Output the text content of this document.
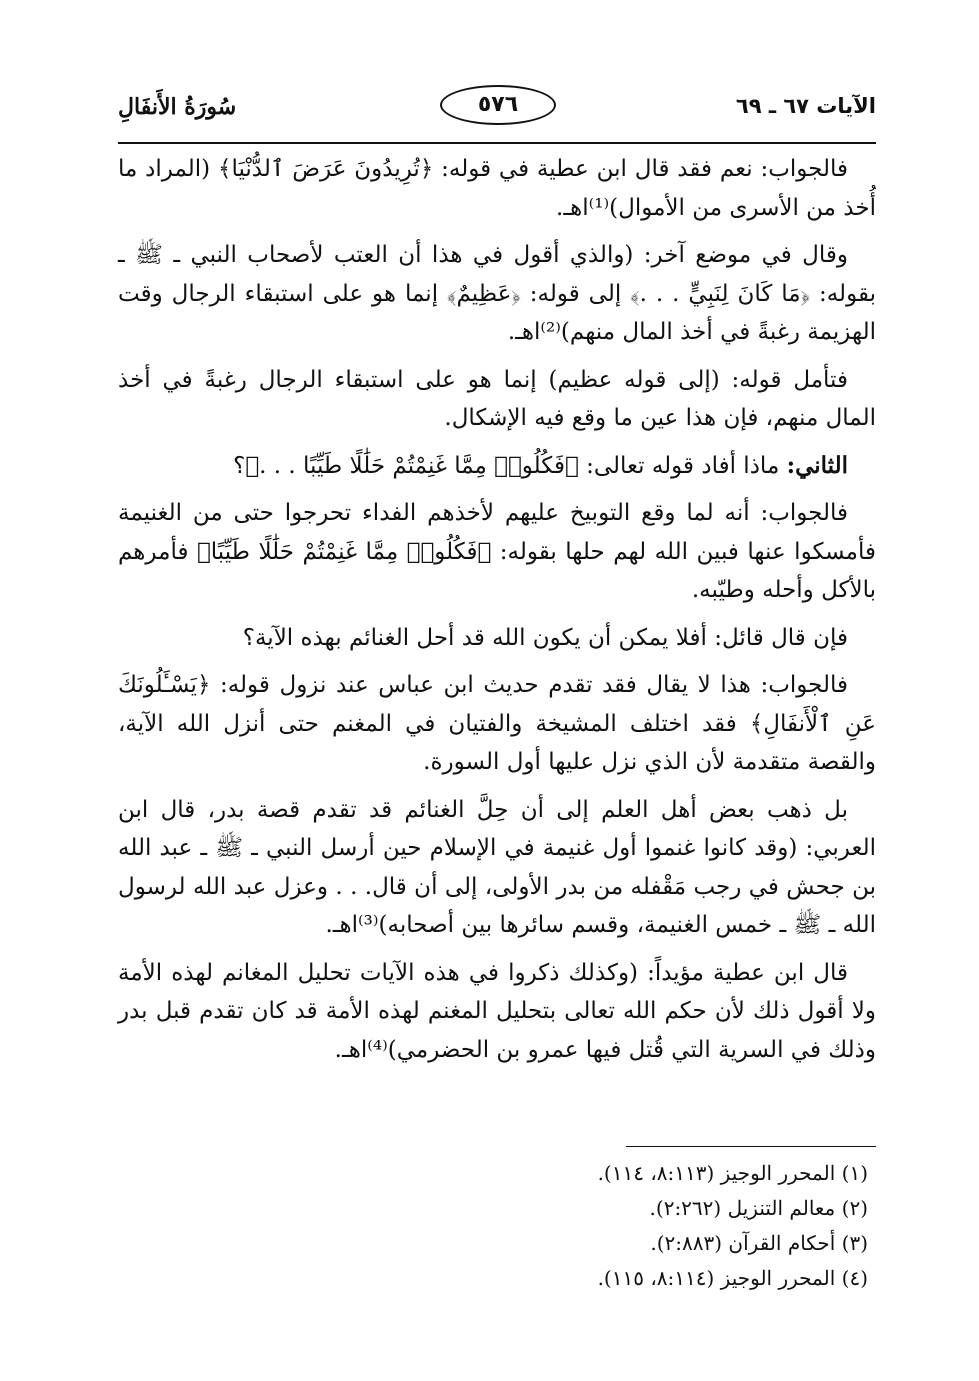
سُورَةُ الأَنفَالِ	٥٧٦	الآيات ٦٧ ـ ٦٩

فالجواب: نعم فقد قال ابن عطية في قوله: ﴿تُرِيدُونَ عَرَضَ ٱلدُّنْيَا﴾ (المراد ما أُخذ من الأسرى من الأموال)⁽¹⁾اهـ.

وقال في موضع آخر: (والذي أقول في هذا أن العتب لأصحاب النبي ـ ﷺ ـ بقوله: ﴿مَا كَانَ لِنَبِيٍّ . . .﴾ إلى قوله: ﴿عَظِيمٌ﴾ إنما هو على استبقاء الرجال وقت الهزيمة رغبةً في أخذ المال منهم)⁽²⁾اهـ.

فتأمل قوله: (إلى قوله عظيم) إنما هو على استبقاء الرجال رغبةً في أخذ المال منهم، فإن هذا عين ما وقع فيه الإشكال.

الثاني: ماذا أفاد قوله تعالى: ﴿فَكُلُوا۟ مِمَّا غَنِمْتُمْ حَلَٰلًا طَيِّبًا . . .﴾؟

فالجواب: أنه لما وقع التوبيخ عليهم لأخذهم الفداء تحرجوا حتى من الغنيمة فأمسكوا عنها فبين الله لهم حلها بقوله: ﴿فَكُلُوا۟ مِمَّا غَنِمْتُمْ حَلَٰلًا طَيِّبًا﴾ فأمرهم بالأكل وأحله وطيّبه.

فإن قال قائل: أفلا يمكن أن يكون الله قد أحل الغنائم بهذه الآية؟

فالجواب: هذا لا يقال فقد تقدم حديث ابن عباس عند نزول قوله: ﴿يَسْـَٔلُونَكَ عَنِ ٱلْأَنفَالِ﴾ فقد اختلف المشيخة والفتيان في المغنم حتى أنزل الله الآية، والقصة متقدمة لأن الذي نزل عليها أول السورة.

بل ذهب بعض أهل العلم إلى أن حِلَّ الغنائم قد تقدم قصة بدر، قال ابن العربي: (وقد كانوا غنموا أول غنيمة في الإسلام حين أرسل النبي ـ ﷺ ـ عبد الله بن جحش في رجب مَقْفله من بدر الأولى، إلى أن قال. . . وعزل عبد الله لرسول الله ـ ﷺ ـ خمس الغنيمة، وقسم سائرها بين أصحابه)⁽³⁾اهـ.

قال ابن عطية مؤيداً: (وكذلك ذكروا في هذه الآيات تحليل المغانم لهذه الأمة ولا أقول ذلك لأن حكم الله تعالى بتحليل المغنم لهذه الأمة قد كان تقدم قبل بدر وذلك في السرية التي قُتل فيها عمرو بن الحضرمي)⁽⁴⁾اهـ.

(١) المحرر الوجيز (٨:١١٣، ١١٤).
(٢) معالم التنزيل (٢:٢٦٢).
(٣) أحكام القرآن (٢:٨٨٣).
(٤) المحرر الوجيز (٨:١١٤، ١١٥).
